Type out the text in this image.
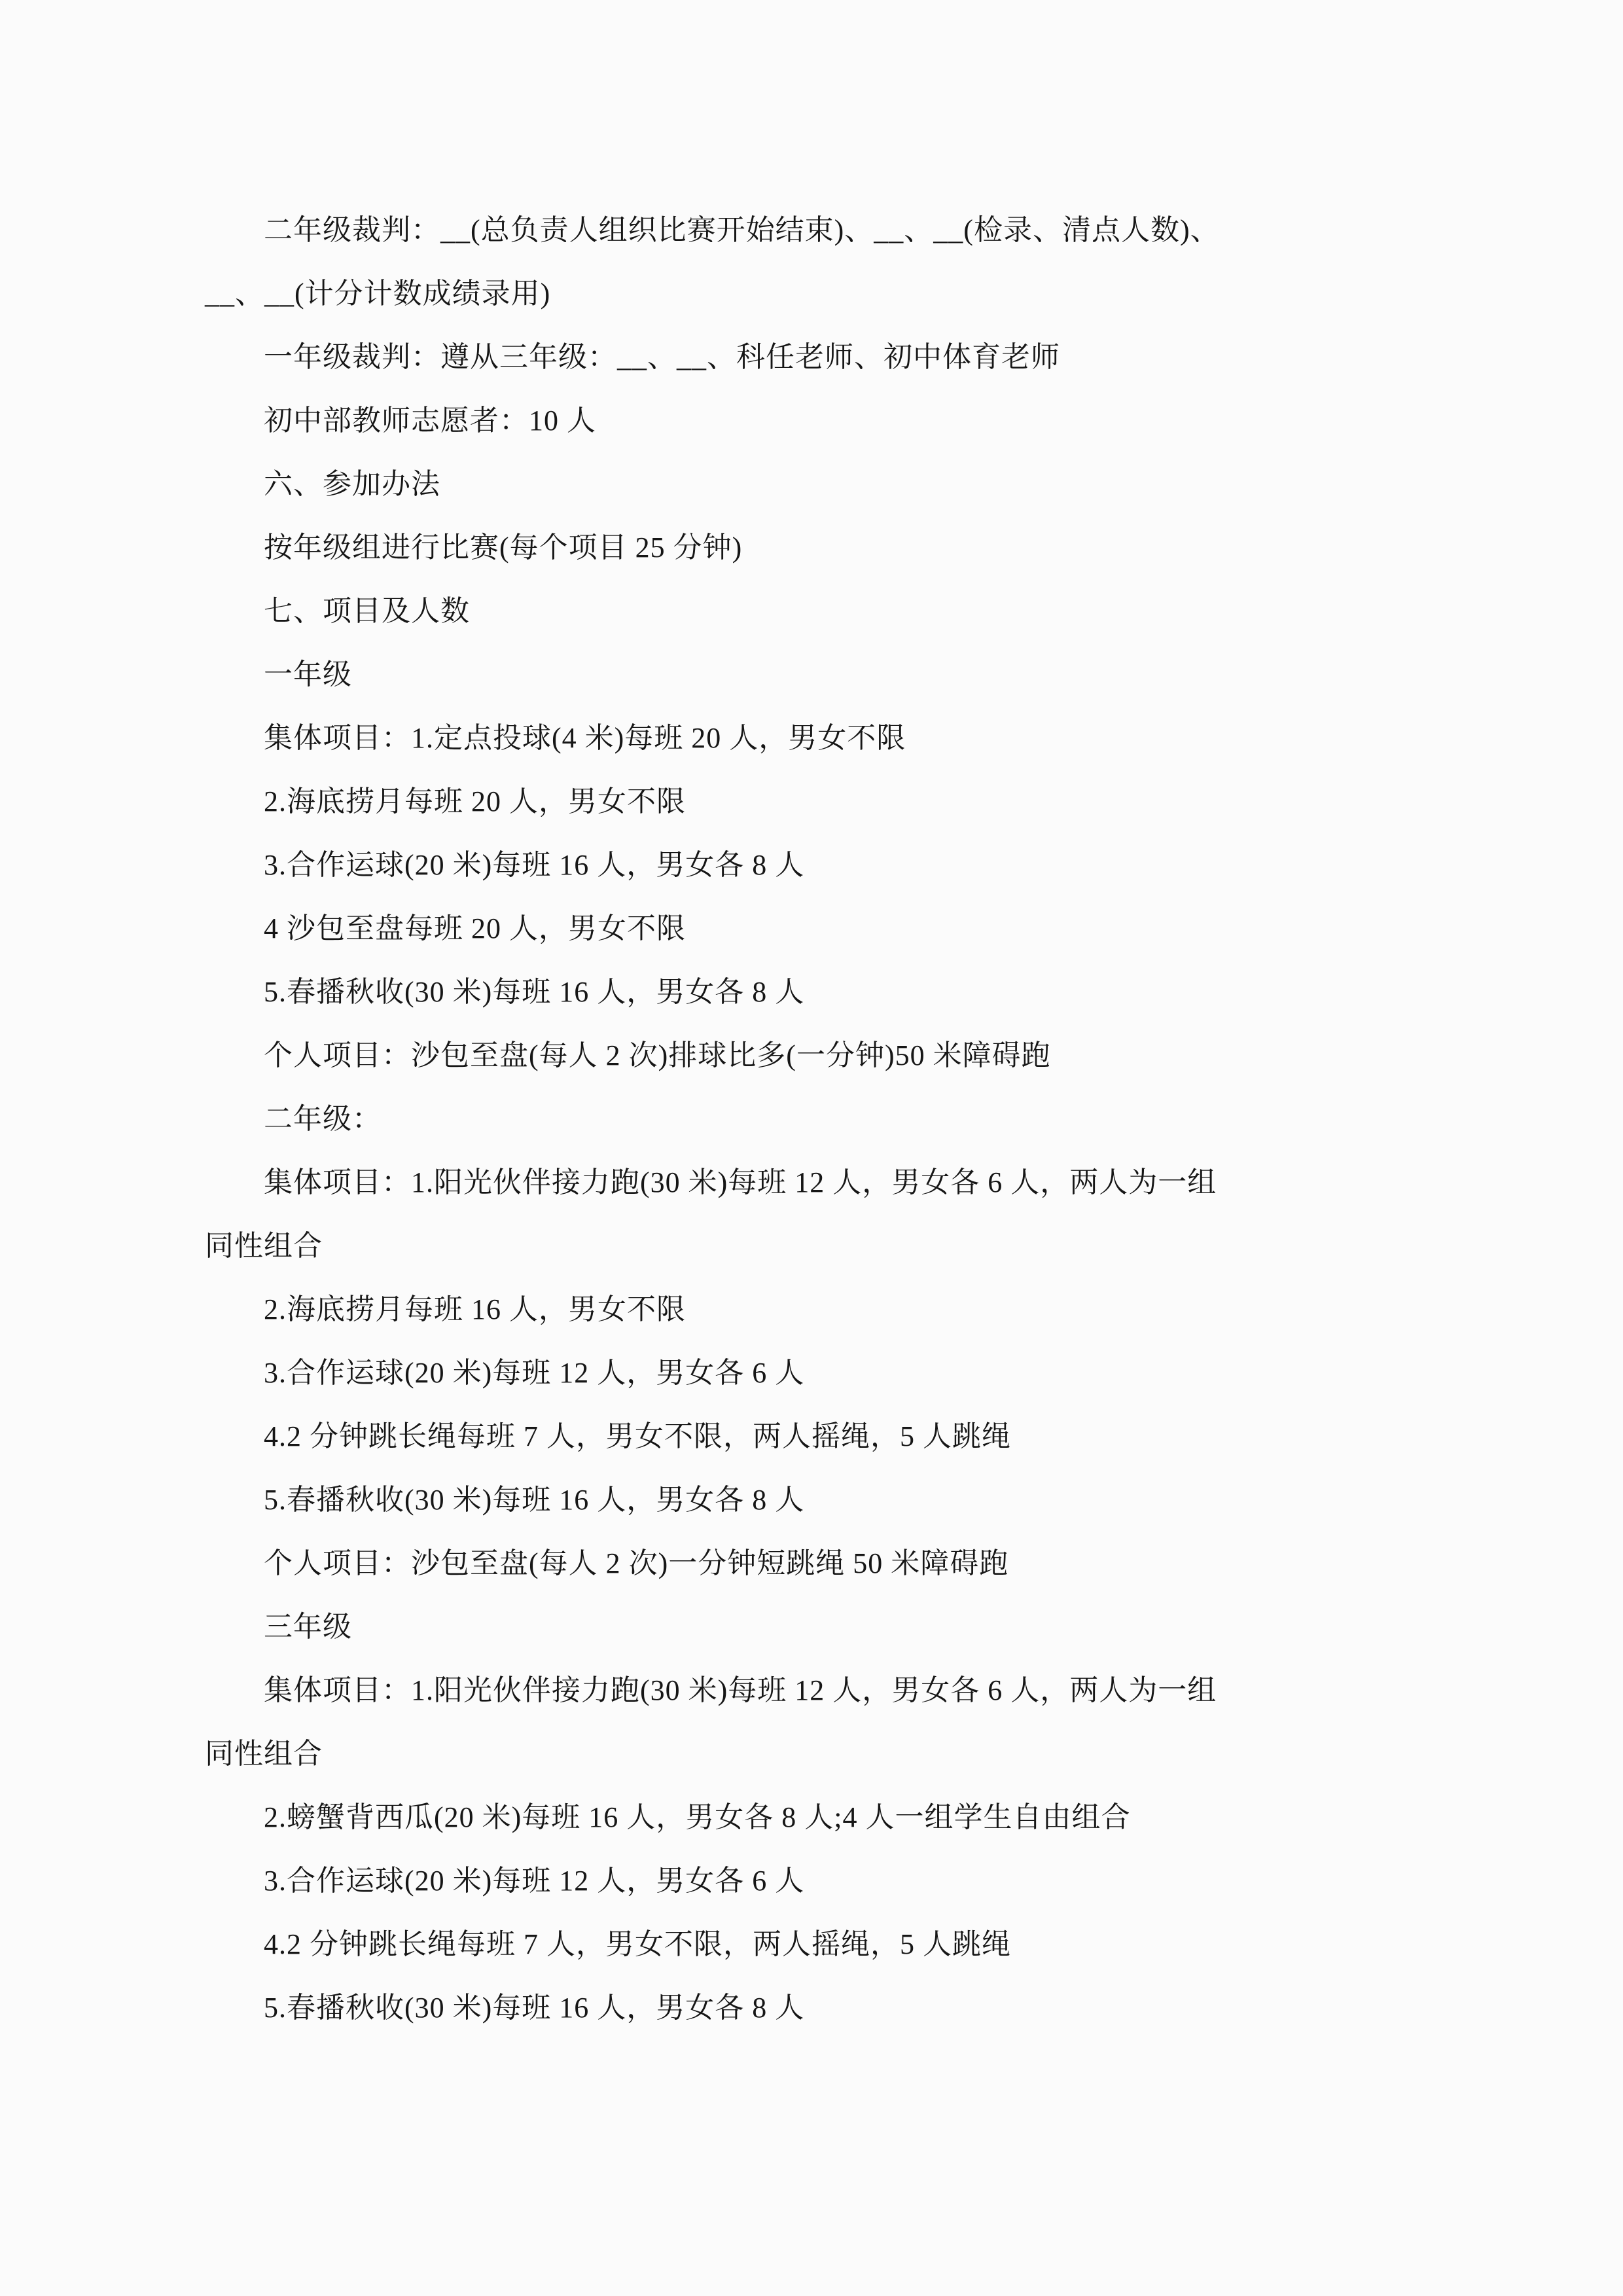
二年级裁判：__(总负责人组织比赛开始结束)、__、__(检录、清点人数)、
__、__(计分计数成绩录用)
一年级裁判：遵从三年级：__、__、科任老师、初中体育老师
初中部教师志愿者：10 人
六、参加办法
按年级组进行比赛(每个项目 25 分钟)
七、项目及人数
一年级
集体项目：1.定点投球(4 米)每班 20 人，男女不限
2.海底捞月每班 20 人，男女不限
3.合作运球(20 米)每班 16 人，男女各 8 人
4 沙包至盘每班 20 人，男女不限
5.春播秋收(30 米)每班 16 人，男女各 8 人
个人项目：沙包至盘(每人 2 次)排球比多(一分钟)50 米障碍跑
二年级：
集体项目：1.阳光伙伴接力跑(30 米)每班 12 人，男女各 6 人，两人为一组
同性组合
2.海底捞月每班 16 人，男女不限
3.合作运球(20 米)每班 12 人，男女各 6 人
4.2 分钟跳长绳每班 7 人，男女不限，两人摇绳，5 人跳绳
5.春播秋收(30 米)每班 16 人，男女各 8 人
个人项目：沙包至盘(每人 2 次)一分钟短跳绳 50 米障碍跑
三年级
集体项目：1.阳光伙伴接力跑(30 米)每班 12 人，男女各 6 人，两人为一组
同性组合
2.螃蟹背西瓜(20 米)每班 16 人，男女各 8 人;4 人一组学生自由组合
3.合作运球(20 米)每班 12 人，男女各 6 人
4.2 分钟跳长绳每班 7 人，男女不限，两人摇绳，5 人跳绳
5.春播秋收(30 米)每班 16 人，男女各 8 人
